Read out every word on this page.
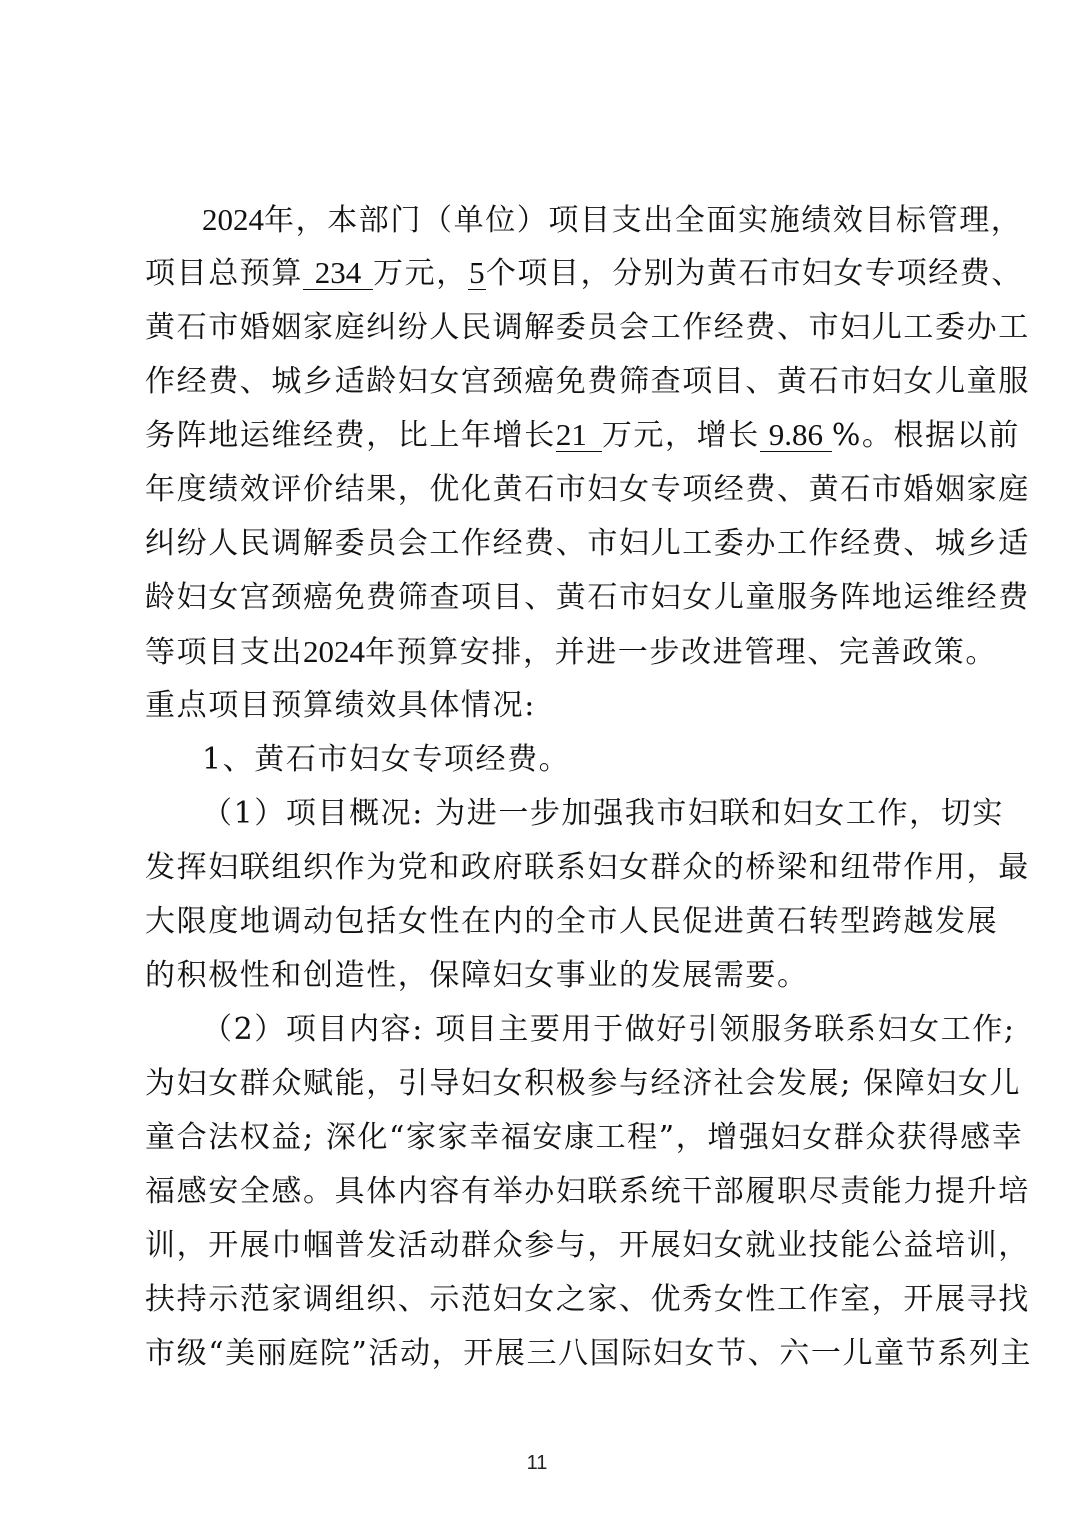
2024年，本部门（单位）项目支出全面实施绩效目标管理，
项目总预算 234 万元，5个项目，分别为黄石市妇女专项经费、
黄石市婚姻家庭纠纷人民调解委员会工作经费、市妇儿工委办工
作经费、城乡适龄妇女宫颈癌免费筛查项目、黄石市妇女儿童服
务阵地运维经费，比上年增长21 万元，增长 9.86 %。根据以前
年度绩效评价结果，优化黄石市妇女专项经费、黄石市婚姻家庭
纠纷人民调解委员会工作经费、市妇儿工委办工作经费、城乡适
龄妇女宫颈癌免费筛查项目、黄石市妇女儿童服务阵地运维经费
等项目支出2024年预算安排，并进一步改进管理、完善政策。
重点项目预算绩效具体情况:
1、黄石市妇女专项经费。
（1）项目概况: 为进一步加强我市妇联和妇女工作，切实
发挥妇联组织作为党和政府联系妇女群众的桥梁和纽带作用，最
大限度地调动包括女性在内的全市人民促进黄石转型跨越发展
的积极性和创造性，保障妇女事业的发展需要。
（2）项目内容: 项目主要用于做好引领服务联系妇女工作;
为妇女群众赋能，引导妇女积极参与经济社会发展; 保障妇女儿
童合法权益; 深化“家家幸福安康工程”，增强妇女群众获得感幸
福感安全感。具体内容有举办妇联系统干部履职尽责能力提升培
训，开展巾帼普发活动群众参与，开展妇女就业技能公益培训，
扶持示范家调组织、示范妇女之家、优秀女性工作室，开展寻找
市级“美丽庭院”活动，开展三八国际妇女节、六一儿童节系列主
11
